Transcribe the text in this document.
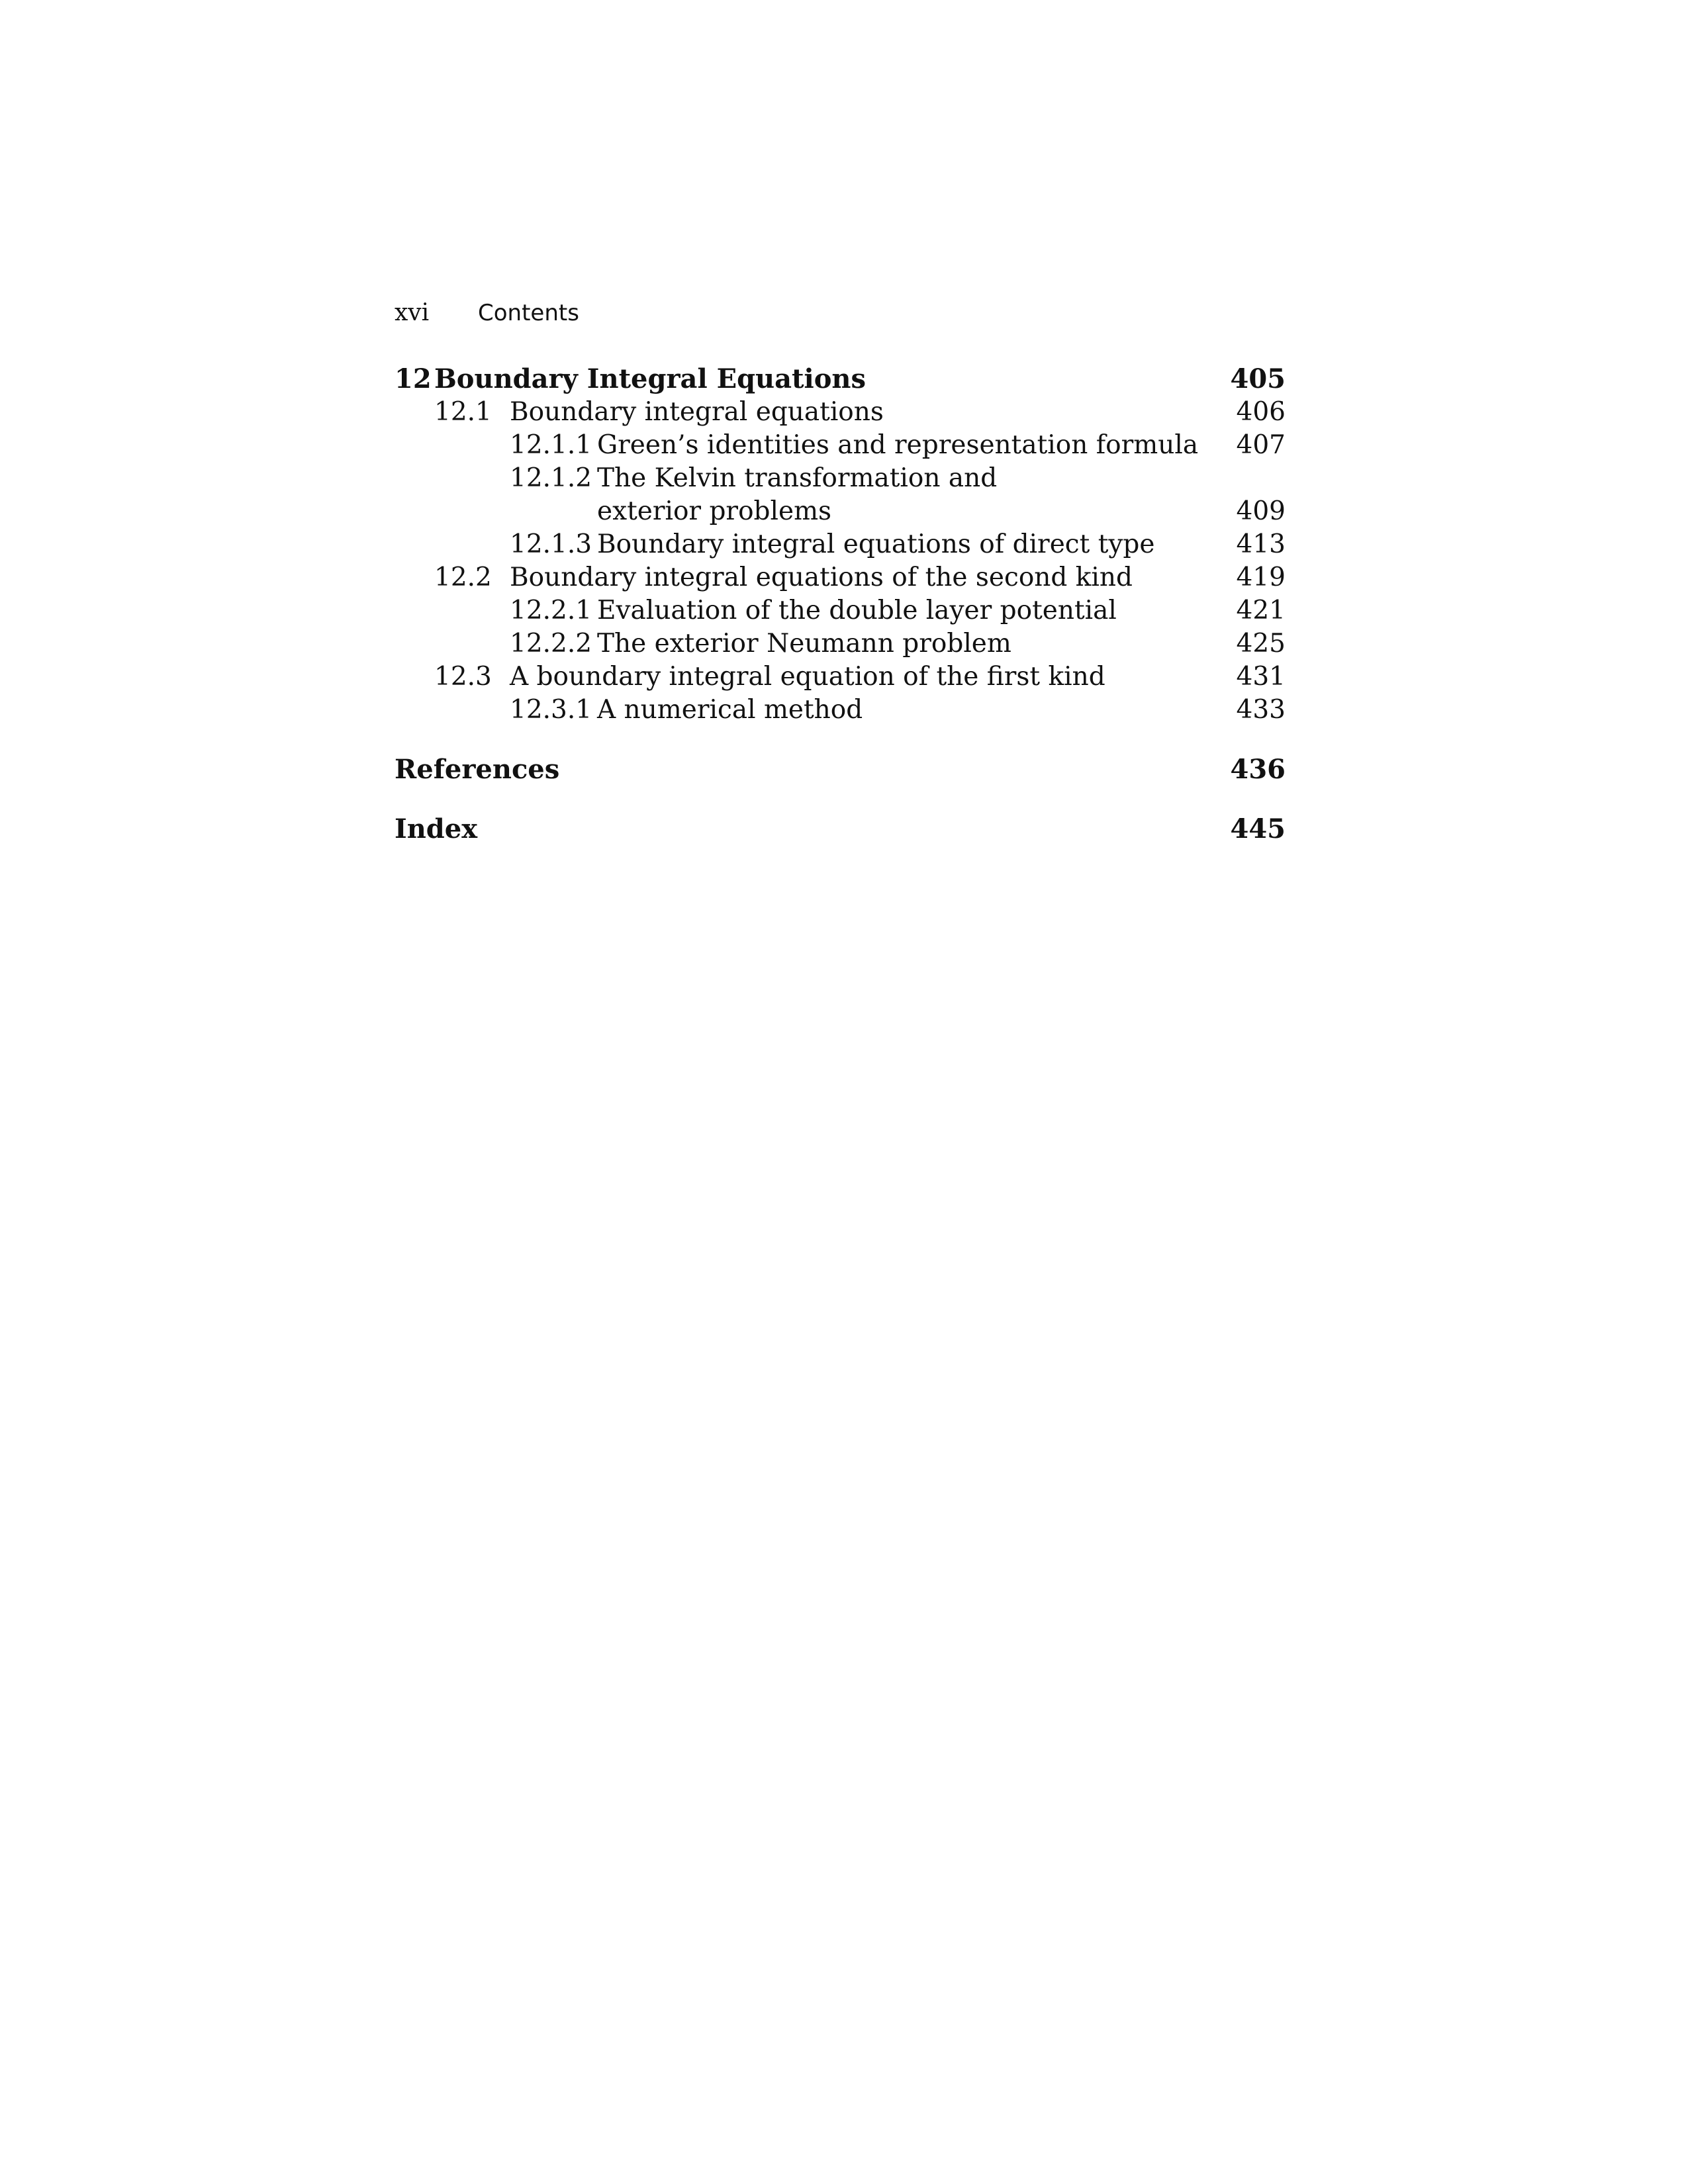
xvi Contents
12 Boundary Integral Equations	405
12.1 Boundary integral equations	406
12.1.1 Green’s identities and representation formula	407
12.1.2 The Kelvin transformation and
exterior problems	409
12.1.3 Boundary integral equations of direct type	413
12.2 Boundary integral equations of the second kind	419
12.2.1 Evaluation of the double layer potential	421
12.2.2 The exterior Neumann problem	425
12.3 A boundary integral equation of the first kind	431
12.3.1 A numerical method	433
References	436
Index	445
